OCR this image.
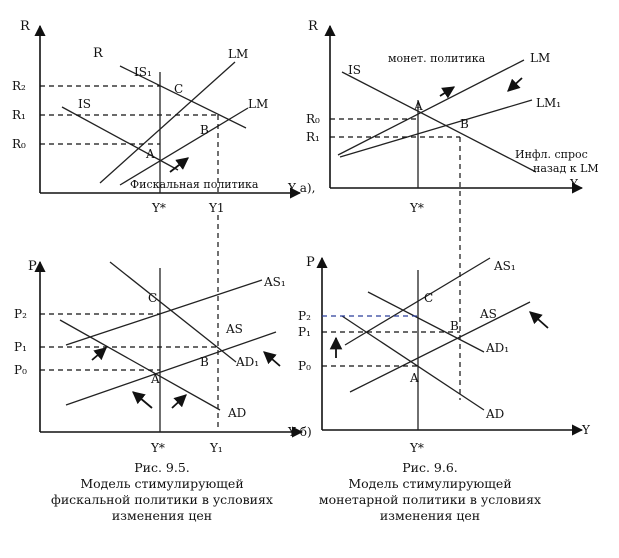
R
R
IS₁
LM
IS	LM
R₂
R₁
R₀
C
B
A
Фискальная политика Y а),
Y*	Y1
R
монет. политика	LM
IS
LM₁
R₀
R₁
A
B
Инфл. спрос
назад к LM
Y
Y*
P
AS₁
C
AS
AD₁
P₂
P₁
P₀
A
B
AD
Y б)
Y*	Y₁
P	AS₁
C
AS
B
AD₁
P₂
P₁
P₀
A
AD
Y
Y*
Рис. 9.5.
Модель стимулирующей
фискальной политики в условиях
изменения цен
Рис. 9.6.
Модель стимулирующей
монетарной политики в условиях
изменения цен
